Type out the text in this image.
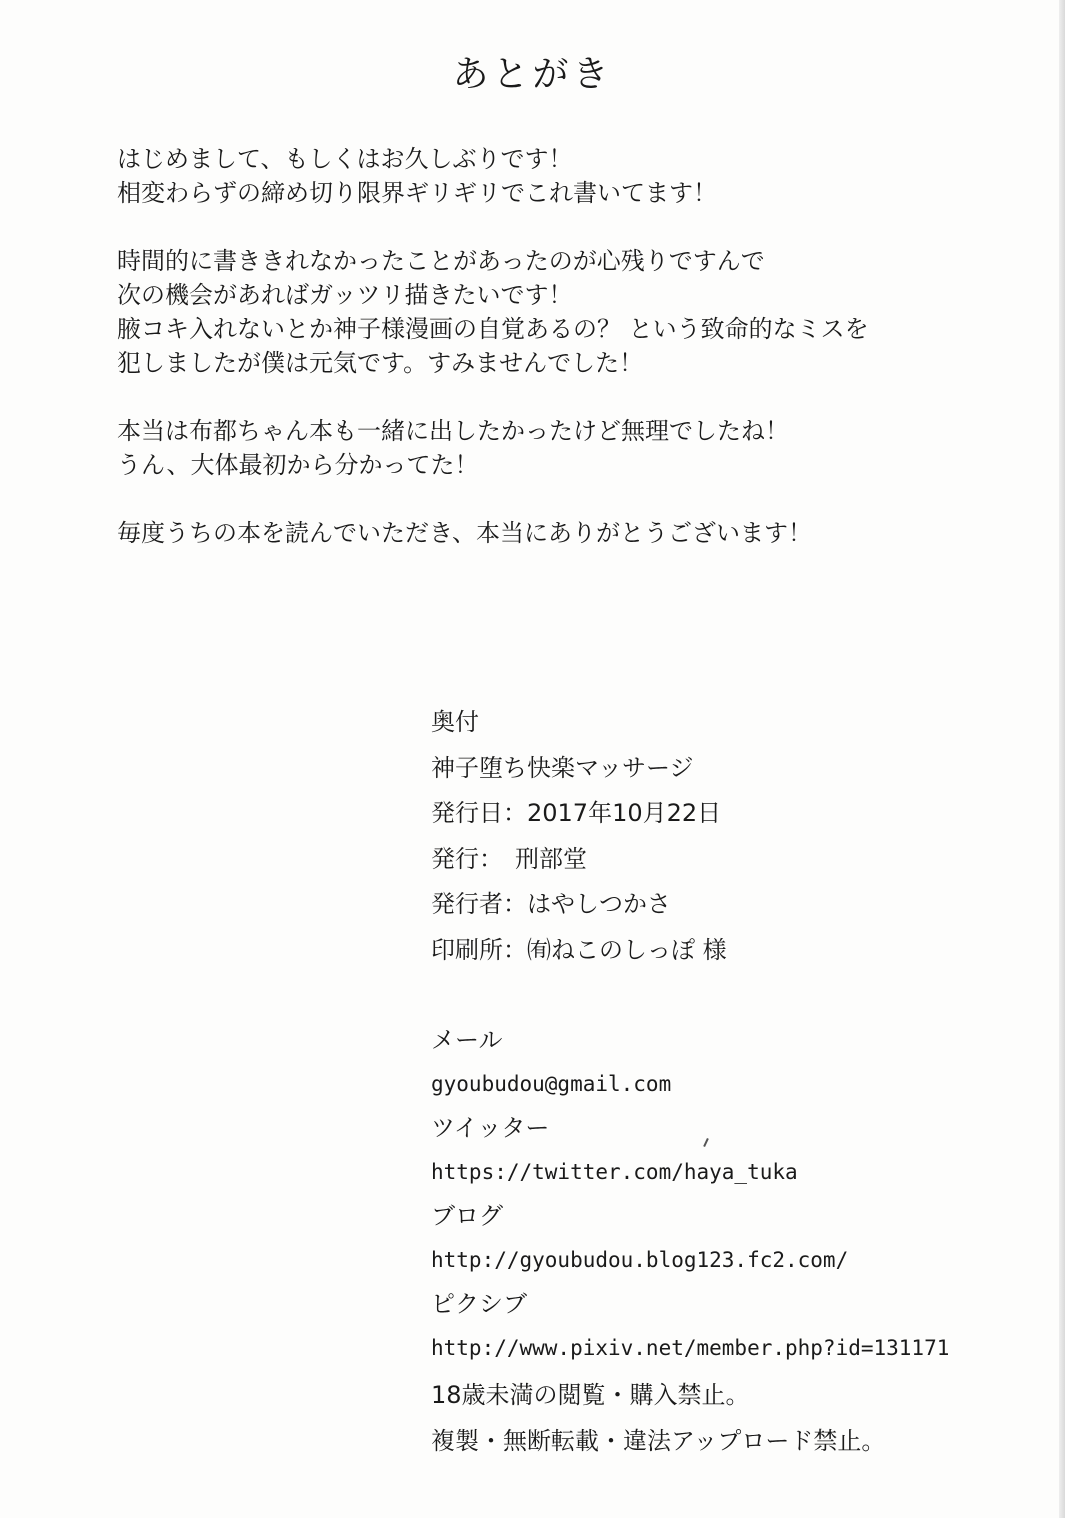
あとがき

はじめまして、もしくはお久しぶりです！

相変わらずの締め切り限界ギリギリでこれ書いてます！

時間的に書ききれなかったことがあったのが心残りですんで

次の機会があればガッツリ描きたいです！

腋コキ入れないとか神子様漫画の自覚あるの？ という致命的なミスを

犯しましたが僕は元気です。すみませんでした！

本当は布都ちゃん本も一緒に出したかったけど無理でしたね！

うん、大体最初から分かってた！

毎度うちの本を読んでいただき、本当にありがとうございます！

奥付

神子堕ち快楽マッサージ

発行日：2017年10月22日

発行：　刑部堂

発行者：はやしつかさ

印刷所：㈲ねこのしっぽ 様

メール

gyoubudou@gmail.com

ツイッター

https://twitter.com/haya_tuka

ブログ

http://gyoubudou.blog123.fc2.com/

ピクシブ

http://www.pixiv.net/member.php?id=131171

18歳未満の閲覧・購入禁止。

複製・無断転載・違法アップロード禁止。
